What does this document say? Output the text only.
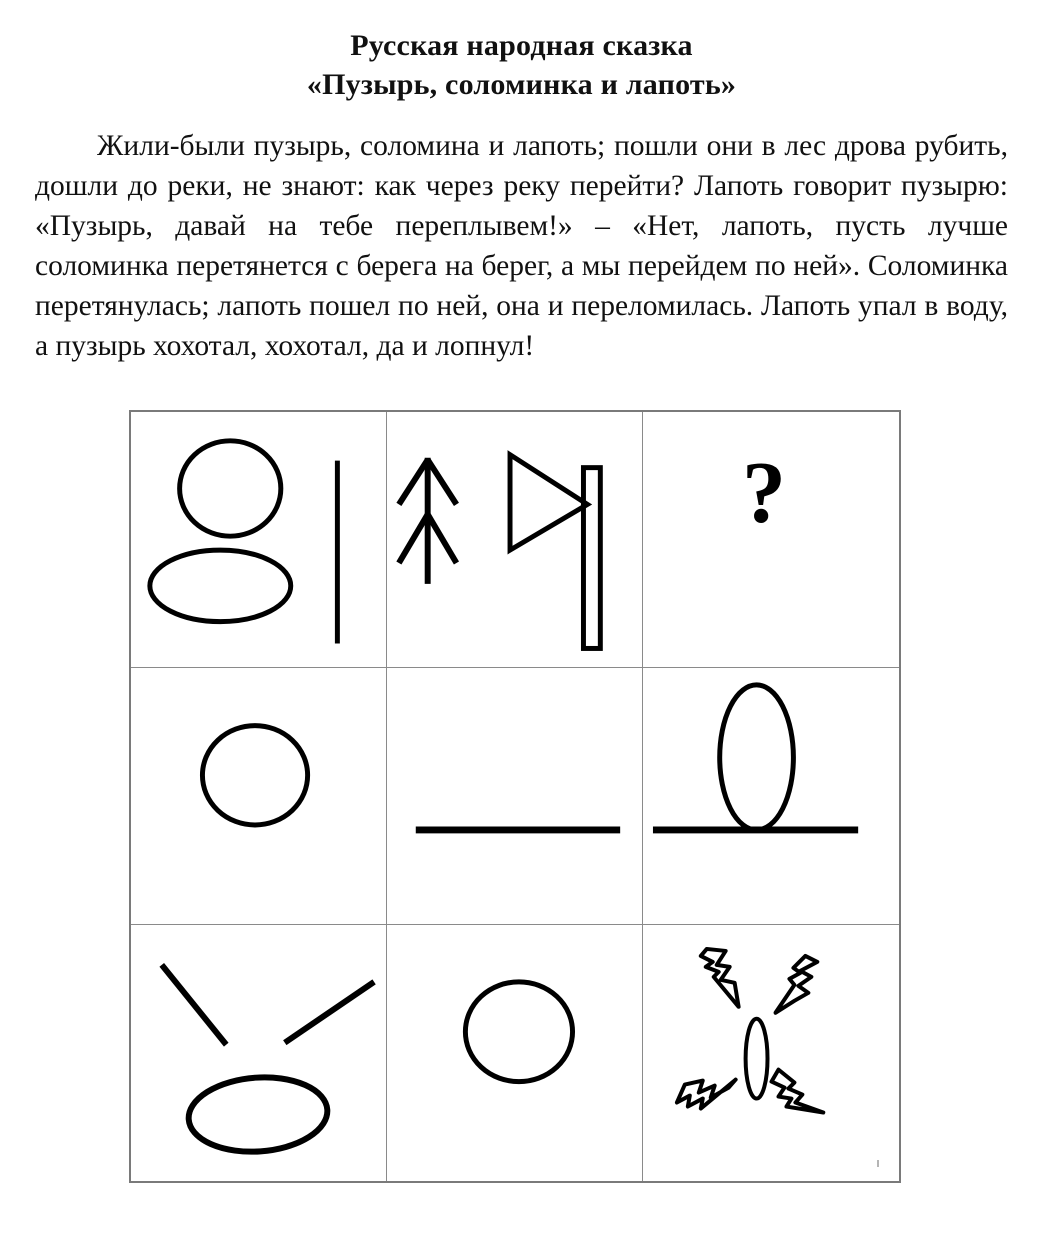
Русская народная сказка
«Пузырь, соломинка и лапоть»

Жили-были пузырь, соломина и лапоть; пошли они в лес дрова рубить, дошли до реки, не знают: как через реку перейти? Лапоть говорит пузырю: «Пузырь, давай на тебе переплывем!» – «Нет, лапоть, пусть лучше соломинка перетянется с берега на берег, а мы перейдем по ней». Соломинка перетянулась; лапоть пошел по ней, она и переломилась. Лапоть упал в воду, а пузырь хохотал, хохотал, да и лопнул!

?
